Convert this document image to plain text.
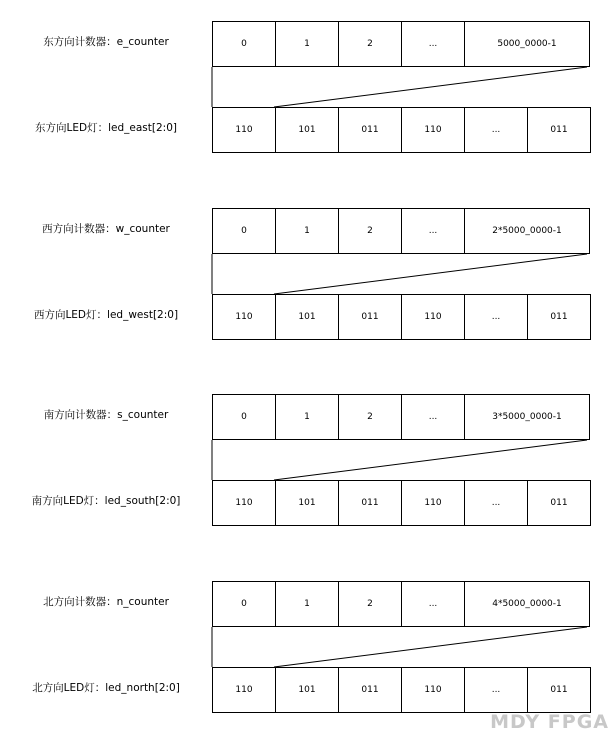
东方向计数器：e_counter	0	1	2	...	5000_0000-1
东方向LED灯：led_east[2:0]	110	101	011	110	...	011
西方向计数器：w_counter	0	1	2	...	2*5000_0000-1
西方向LED灯：led_west[2:0]	110	101	011	110	...	011
南方向计数器：s_counter	0	1	2	...	3*5000_0000-1
南方向LED灯：led_south[2:0]	110	101	011	110	...	011
北方向计数器：n_counter	0	1	2	...	4*5000_0000-1
北方向LED灯：led_north[2:0]	110	101	011	110	...	011
MDY FPGA
